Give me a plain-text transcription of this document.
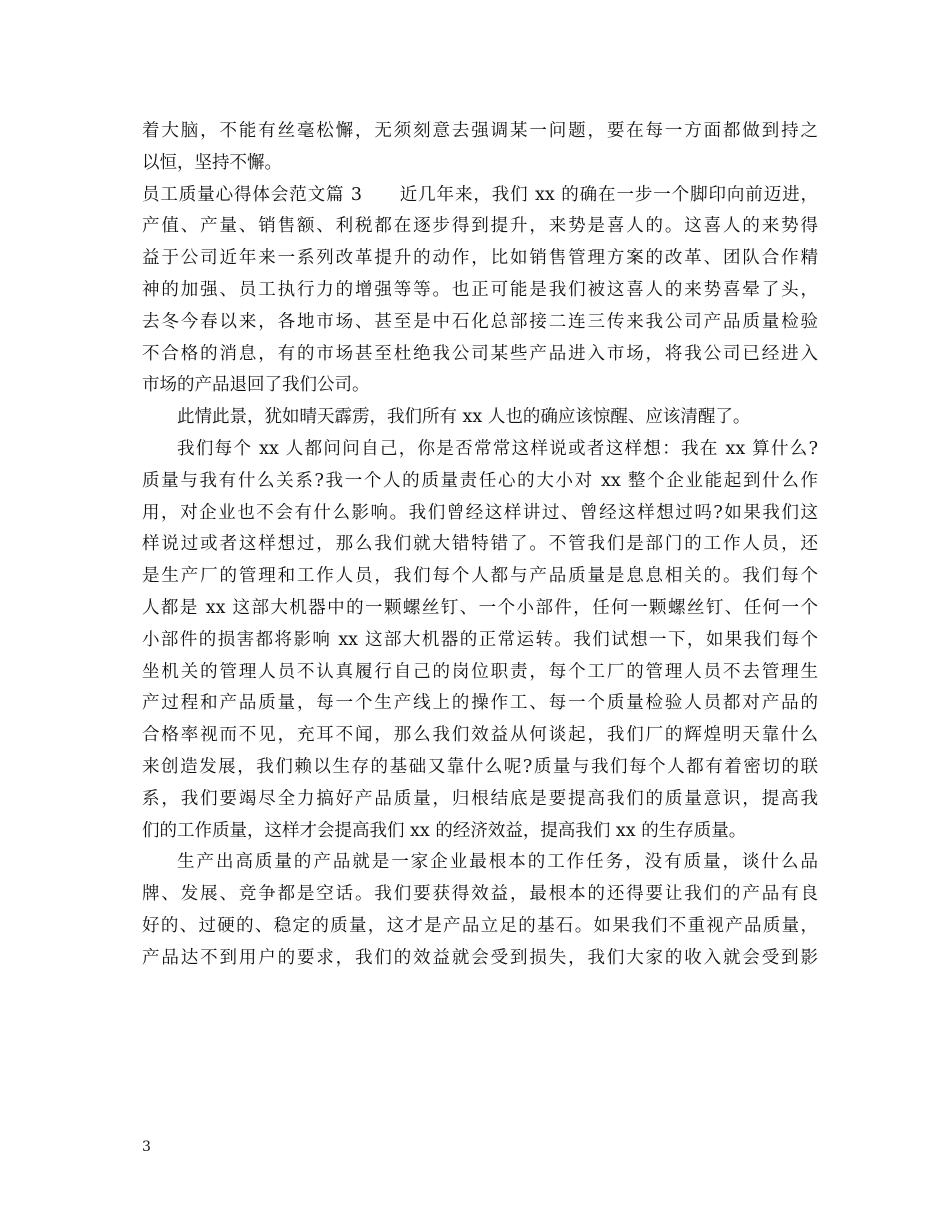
着大脑，不能有丝毫松懈，无须刻意去强调某一问题，要在每一方面都做到持之
以恒，坚持不懈。
员工质量心得体会范文篇 3　　近几年来，我们 xx 的确在一步一个脚印向前迈进，
产值、产量、销售额、利税都在逐步得到提升，来势是喜人的。这喜人的来势得
益于公司近年来一系列改革提升的动作，比如销售管理方案的改革、团队合作精
神的加强、员工执行力的增强等等。也正可能是我们被这喜人的来势喜晕了头，
去冬今春以来，各地市场、甚至是中石化总部接二连三传来我公司产品质量检验
不合格的消息，有的市场甚至杜绝我公司某些产品进入市场，将我公司已经进入
市场的产品退回了我们公司。
此情此景，犹如晴天霹雳，我们所有 xx 人也的确应该惊醒、应该清醒了。
我们每个 xx 人都问问自己，你是否常常这样说或者这样想：我在 xx 算什么?
质量与我有什么关系?我一个人的质量责任心的大小对 xx 整个企业能起到什么作
用，对企业也不会有什么影响。我们曾经这样讲过、曾经这样想过吗?如果我们这
样说过或者这样想过，那么我们就大错特错了。不管我们是部门的工作人员，还
是生产厂的管理和工作人员，我们每个人都与产品质量是息息相关的。我们每个
人都是 xx 这部大机器中的一颗螺丝钉、一个小部件，任何一颗螺丝钉、任何一个
小部件的损害都将影响 xx 这部大机器的正常运转。我们试想一下，如果我们每个
坐机关的管理人员不认真履行自己的岗位职责，每个工厂的管理人员不去管理生
产过程和产品质量，每一个生产线上的操作工、每一个质量检验人员都对产品的
合格率视而不见，充耳不闻，那么我们效益从何谈起，我们厂的辉煌明天靠什么
来创造发展，我们赖以生存的基础又靠什么呢?质量与我们每个人都有着密切的联
系，我们要竭尽全力搞好产品质量，归根结底是要提高我们的质量意识，提高我
们的工作质量，这样才会提高我们 xx 的经济效益，提高我们 xx 的生存质量。
生产出高质量的产品就是一家企业最根本的工作任务，没有质量，谈什么品
牌、发展、竞争都是空话。我们要获得效益，最根本的还得要让我们的产品有良
好的、过硬的、稳定的质量，这才是产品立足的基石。如果我们不重视产品质量，
产品达不到用户的要求，我们的效益就会受到损失，我们大家的收入就会受到影
3
